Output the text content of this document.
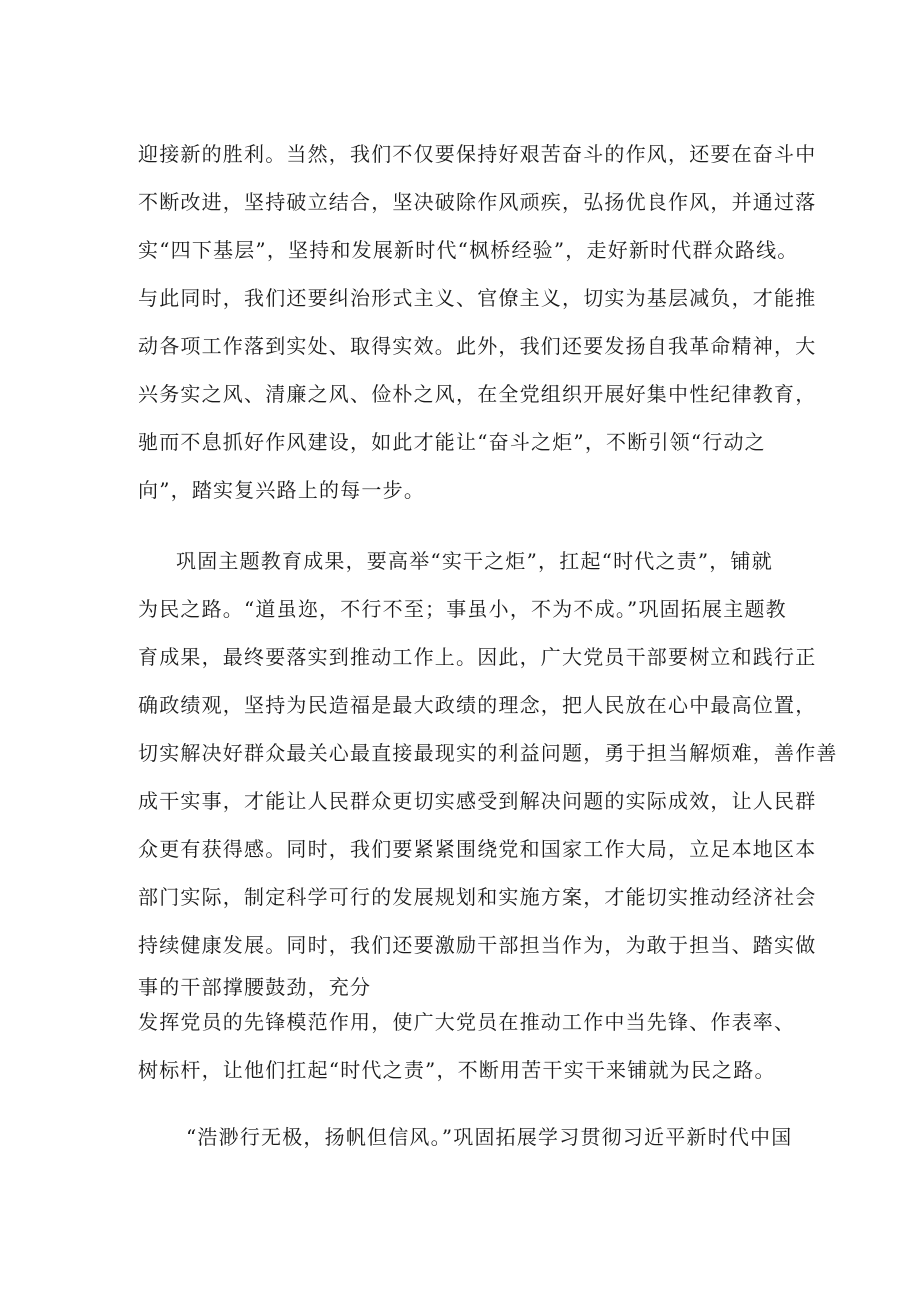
迎接新的胜利。当然，我们不仅要保持好艰苦奋斗的作风，还要在奋斗中
不断改进，坚持破立结合，坚决破除作风顽疾，弘扬优良作风，并通过落
实“四下基层”，坚持和发展新时代“枫桥经验”，走好新时代群众路线。
与此同时，我们还要纠治形式主义、官僚主义，切实为基层减负，才能推
动各项工作落到实处、取得实效。此外，我们还要发扬自我革命精神，大
兴务实之风、清廉之风、俭朴之风，在全党组织开展好集中性纪律教育，
驰而不息抓好作风建设，如此才能让“奋斗之炬”，不断引领“行动之
向”，踏实复兴路上的每一步。
巩固主题教育成果，要高举“实干之炬”，扛起“时代之责”，铺就
为民之路。“道虽迩，不行不至；事虽小，不为不成。”巩固拓展主题教
育成果，最终要落实到推动工作上。因此，广大党员干部要树立和践行正
确政绩观，坚持为民造福是最大政绩的理念，把人民放在心中最高位置，
切实解决好群众最关心最直接最现实的利益问题，勇于担当解烦难，善作善
成干实事，才能让人民群众更切实感受到解决问题的实际成效，让人民群
众更有获得感。同时，我们要紧紧围绕党和国家工作大局，立足本地区本
部门实际，制定科学可行的发展规划和实施方案，才能切实推动经济社会
持续健康发展。同时，我们还要激励干部担当作为，为敢于担当、踏实做
事的干部撑腰鼓劲，充分
发挥党员的先锋模范作用，使广大党员在推动工作中当先锋、作表率、
树标杆，让他们扛起“时代之责”，不断用苦干实干来铺就为民之路。
“浩渺行无极，扬帆但信风。”巩固拓展学习贯彻习近平新时代中国
